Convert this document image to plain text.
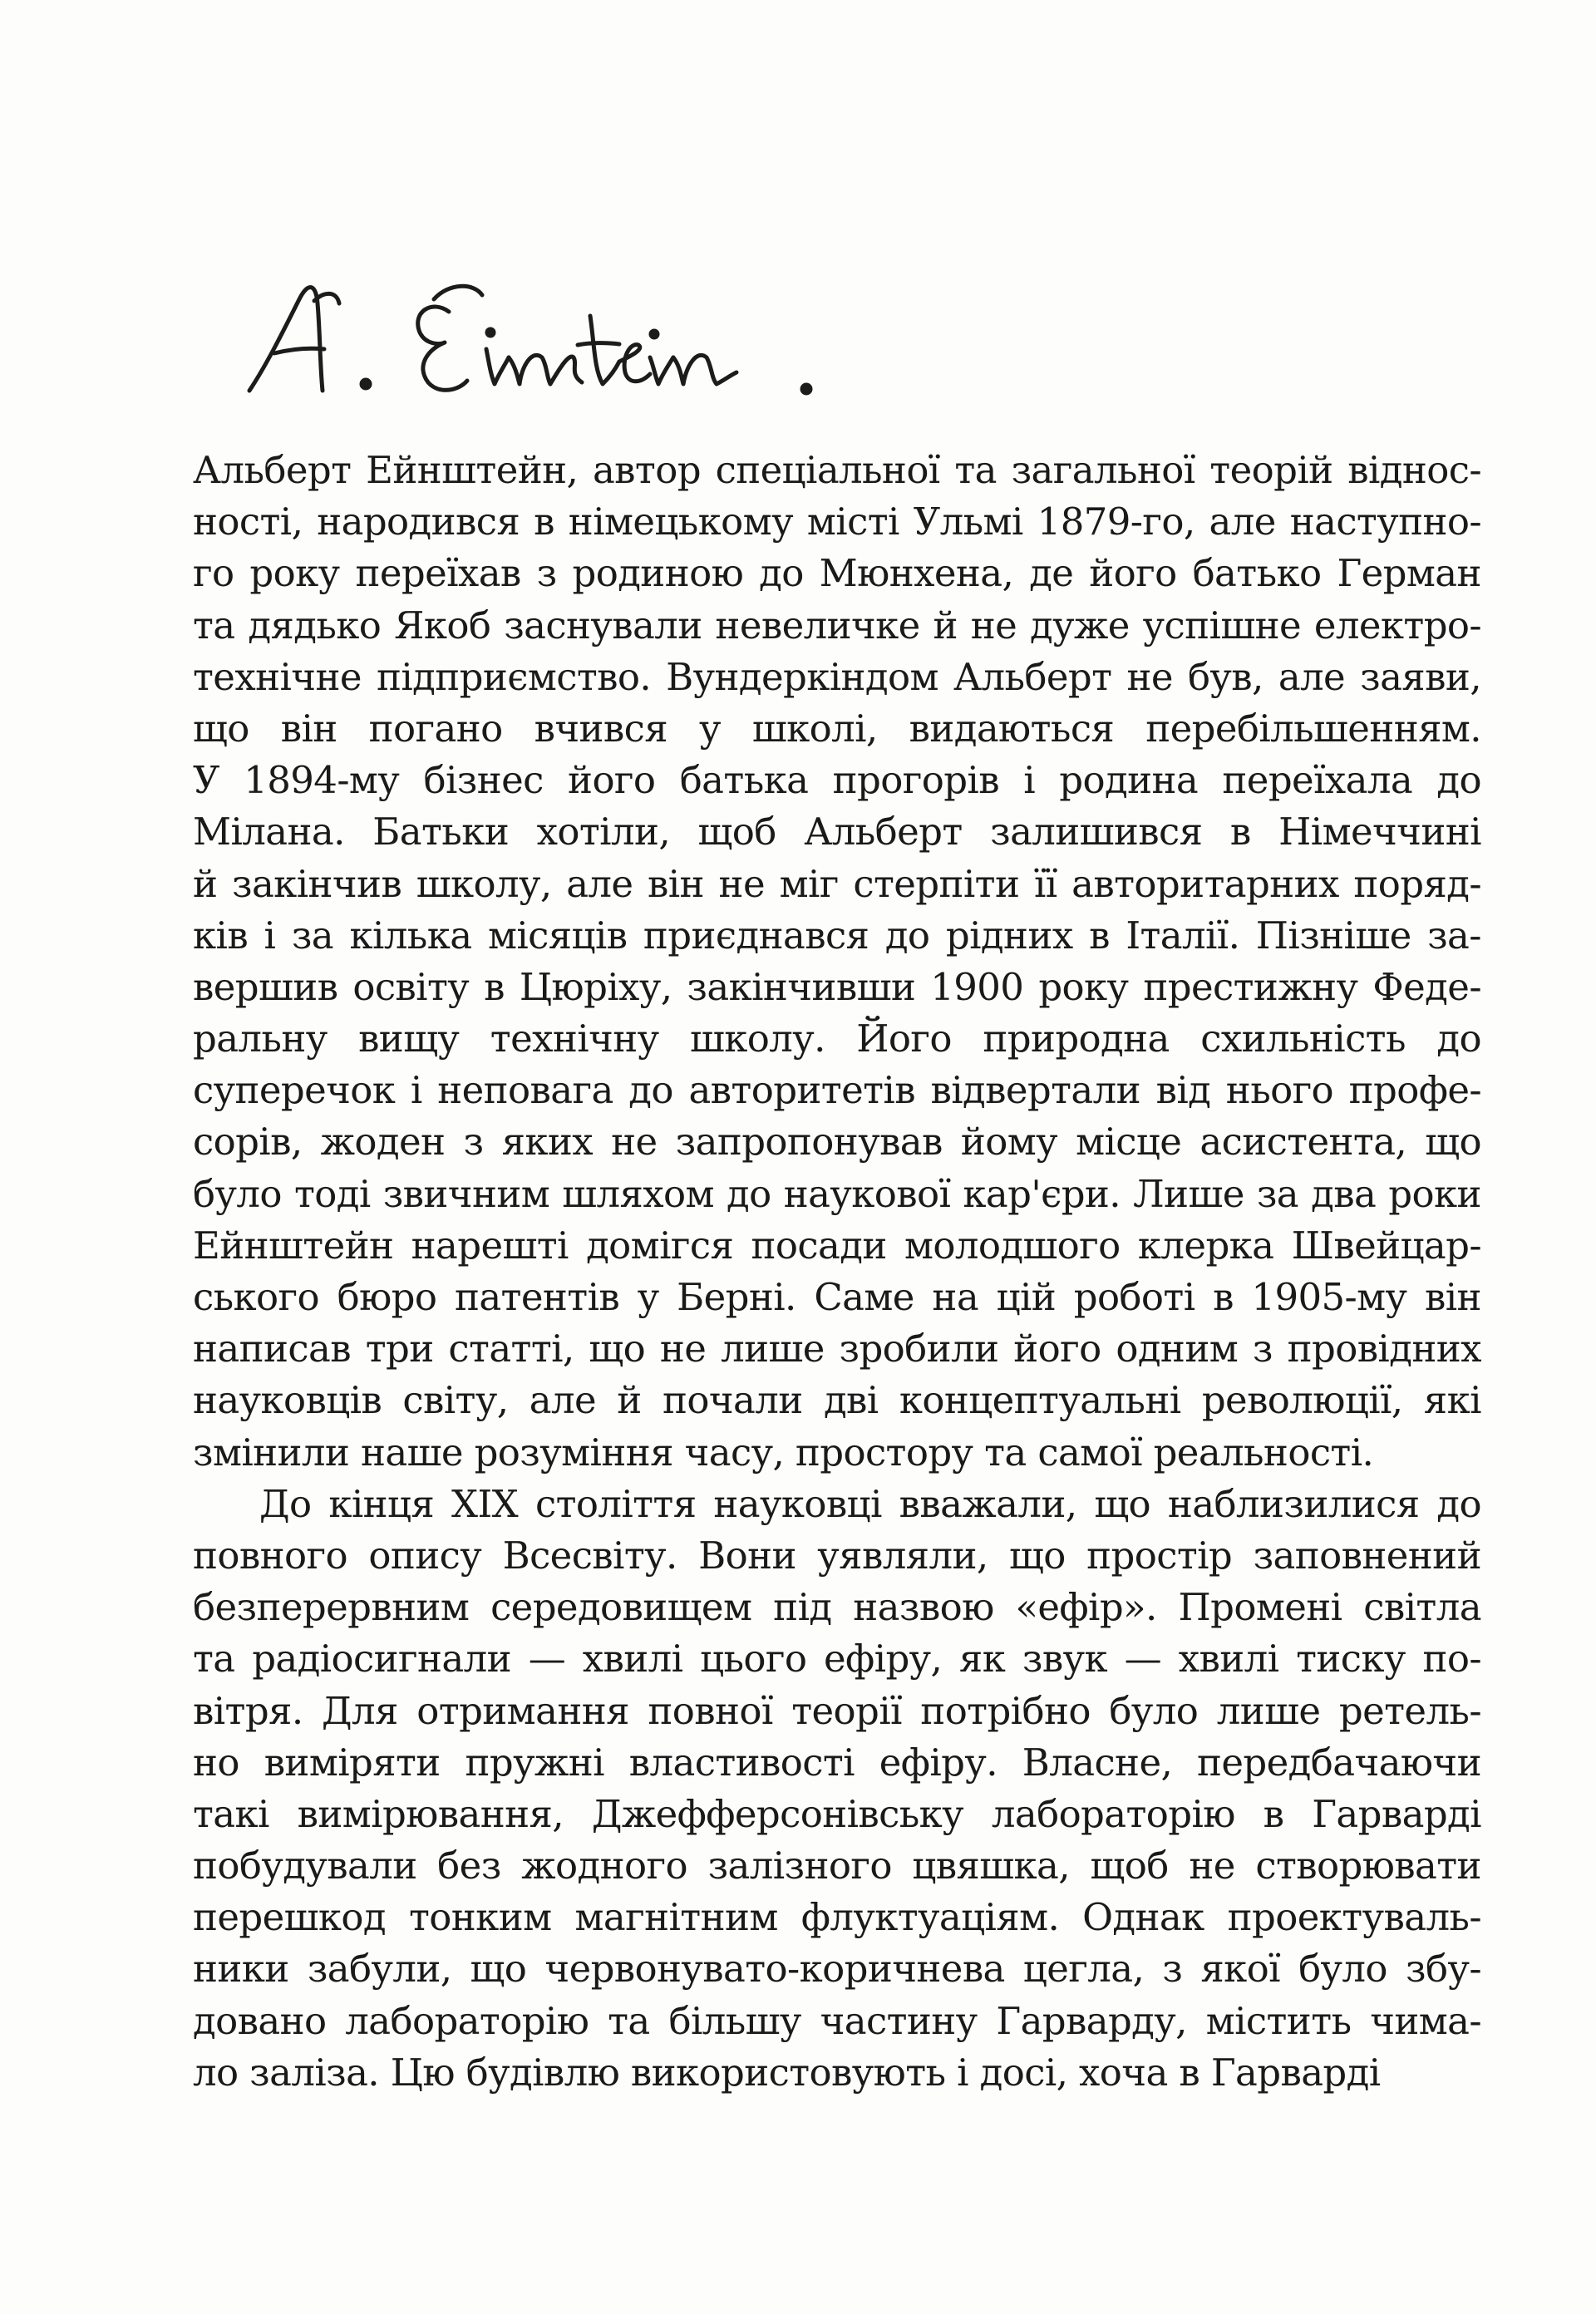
Альберт Ейнштейн, автор спеціальної та загальної теорій віднос-
ності, народився в німецькому місті Ульмі 1879-го, але наступно-
го року переїхав з родиною до Мюнхена, де його батько Герман
та дядько Якоб заснували невеличке й не дуже успішне електро-
технічне підприємство. Вундеркіндом Альберт не був, але заяви,
що він погано вчився у школі, видаються перебільшенням.
У 1894-му бізнес його батька прогорів і родина переїхала до
Мілана. Батьки хотіли, щоб Альберт залишився в Німеччині
й закінчив школу, але він не міг стерпіти її авторитарних поряд-
ків і за кілька місяців приєднався до рідних в Італії. Пізніше за-
вершив освіту в Цюріху, закінчивши 1900 року престижну Феде-
ральну вищу технічну школу. Його природна схильність до
суперечок і неповага до авторитетів відвертали від нього профе-
сорів, жоден з яких не запропонував йому місце асистента, що
було тоді звичним шляхом до наукової кар'єри. Лише за два роки
Ейнштейн нарешті домігся посади молодшого клерка Швейцар-
ського бюро патентів у Берні. Саме на цій роботі в 1905-му він
написав три статті, що не лише зробили його одним з провідних
науковців світу, але й почали дві концептуальні революції, які
змінили наше розуміння часу, простору та самої реальності.
До кінця XIX століття науковці вважали, що наблизилися до
повного опису Всесвіту. Вони уявляли, що простір заповнений
безперервним середовищем під назвою «ефір». Промені світла
та радіосигнали — хвилі цього ефіру, як звук — хвилі тиску по-
вітря. Для отримання повної теорії потрібно було лише ретель-
но виміряти пружні властивості ефіру. Власне, передбачаючи
такі вимірювання, Джефферсонівську лабораторію в Гарварді
побудували без жодного залізного цвяшка, щоб не створювати
перешкод тонким магнітним флуктуаціям. Однак проектуваль-
ники забули, що червонувато-коричнева цегла, з якої було збу-
довано лабораторію та більшу частину Гарварду, містить чима-
ло заліза. Цю будівлю використовують і досі, хоча в Гарварді
